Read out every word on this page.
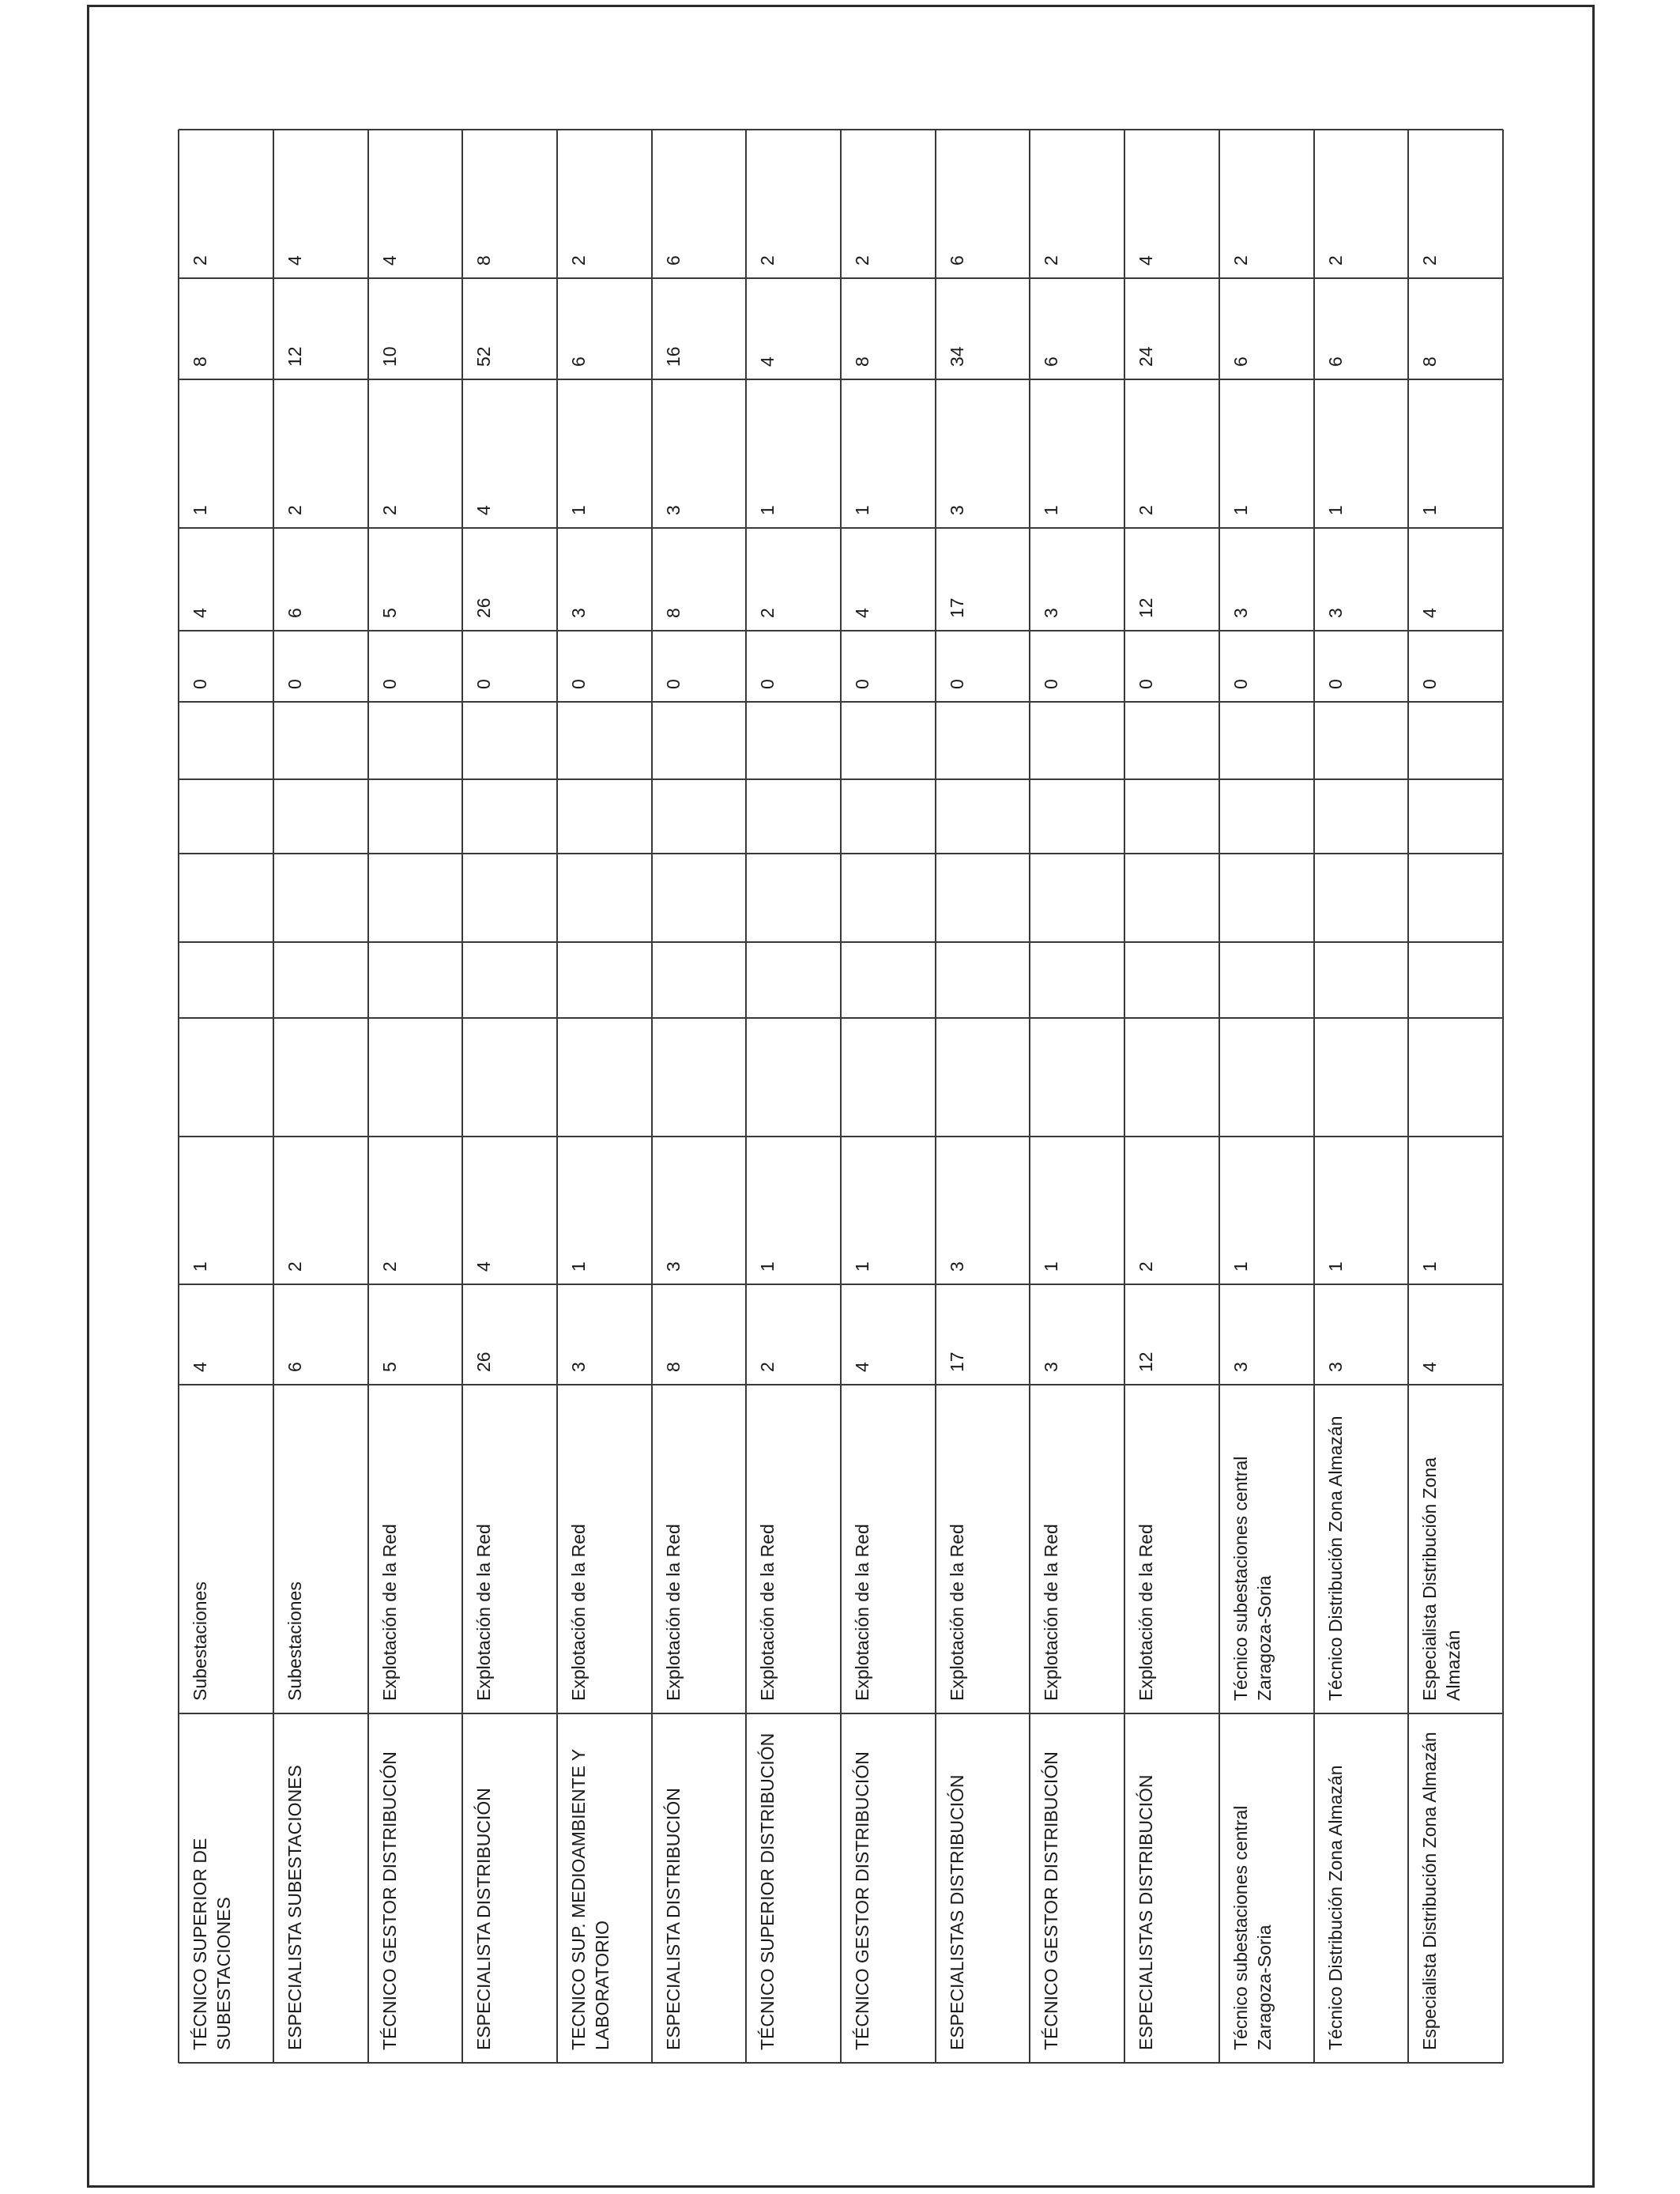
TÉCNICO SUPERIOR DE SUBESTACIONES
Subestaciones
4
1
0
4
1
8
2
ESPECIALISTA SUBESTACIONES
Subestaciones
6
2
0
6
2
12
4
TÉCNICO GESTOR DISTRIBUCIÓN
Explotación de la Red
5
2
0
5
2
10
4
ESPECIALISTA DISTRIBUCIÓN
Explotación de la Red
26
4
0
26
4
52
8
TECNICO SUP. MEDIOAMBIENTE Y LABORATORIO
Explotación de la Red
3
1
0
3
1
6
2
ESPECIALISTA DISTRIBUCIÓN
Explotación de la Red
8
3
0
8
3
16
6
TÉCNICO SUPERIOR DISTRIBUCIÓN
Explotación de la Red
2
1
0
2
1
4
2
TÉCNICO GESTOR DISTRIBUCIÓN
Explotación de la Red
4
1
0
4
1
8
2
ESPECIALISTAS DISTRIBUCIÓN
Explotación de la Red
17
3
0
17
3
34
6
TÉCNICO GESTOR DISTRIBUCIÓN
Explotación de la Red
3
1
0
3
1
6
2
ESPECIALISTAS DISTRIBUCIÓN
Explotación de la Red
12
2
0
12
2
24
4
Técnico subestaciones central Zaragoza-Soria
Técnico subestaciones central Zaragoza-Soria
3
1
0
3
1
6
2
Técnico Distribución Zona Almazán
Técnico Distribución Zona Almazán
3
1
0
3
1
6
2
Especialista Distribución Zona Almazán
Especialista Distribución Zona Almazán
4
1
0
4
1
8
2
